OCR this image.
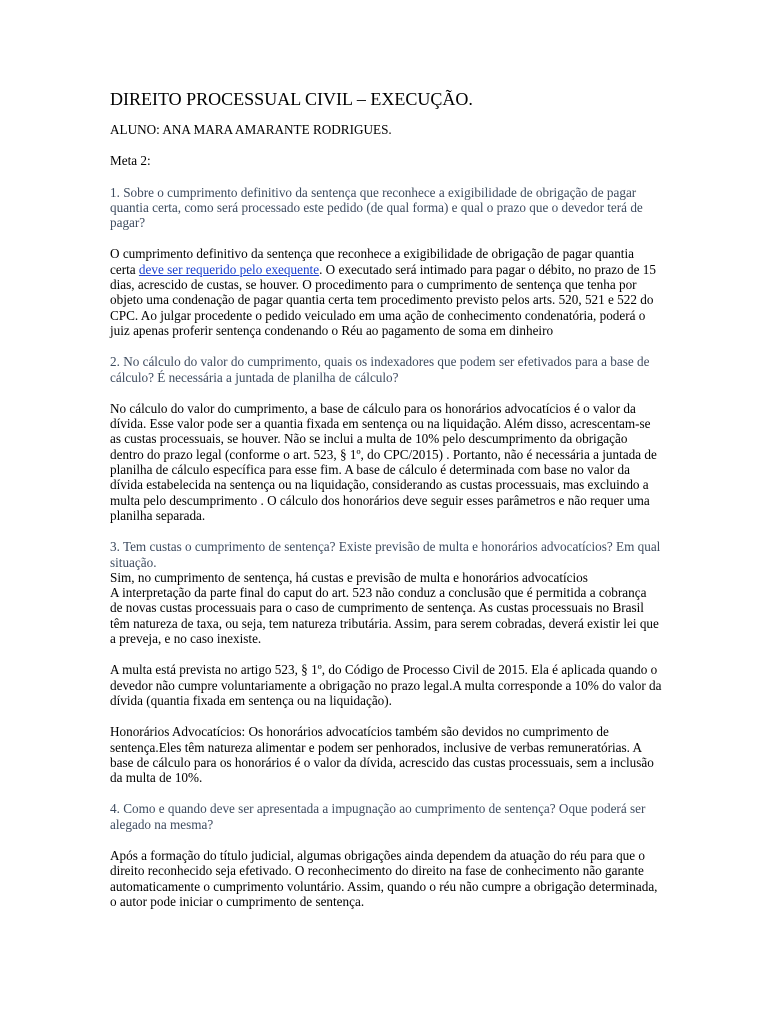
DIREITO PROCESSUAL CIVIL – EXECUÇÃO.

ALUNO: ANA MARA AMARANTE RODRIGUES.

Meta 2:

1. Sobre o cumprimento definitivo da sentença que reconhece a exigibilidade de obrigação de pagar quantia certa, como será processado este pedido (de qual forma) e qual o prazo que o devedor terá de pagar?

O cumprimento definitivo da sentença que reconhece a exigibilidade de obrigação de pagar quantia certa deve ser requerido pelo exequente. O executado será intimado para pagar o débito, no prazo de 15 dias, acrescido de custas, se houver. O procedimento para o cumprimento de sentença que tenha por objeto uma condenação de pagar quantia certa tem procedimento previsto pelos arts. 520, 521 e 522 do CPC. Ao julgar procedente o pedido veiculado em uma ação de conhecimento condenatória, poderá o juiz apenas proferir sentença condenando o Réu ao pagamento de soma em dinheiro

2. No cálculo do valor do cumprimento, quais os indexadores que podem ser efetivados para a base de cálculo? É necessária a juntada de planilha de cálculo?

No cálculo do valor do cumprimento, a base de cálculo para os honorários advocatícios é o valor da dívida. Esse valor pode ser a quantia fixada em sentença ou na liquidação. Além disso, acrescentam-se as custas processuais, se houver. Não se inclui a multa de 10% pelo descumprimento da obrigação dentro do prazo legal (conforme o art. 523, § 1º, do CPC/2015) . Portanto, não é necessária a juntada de planilha de cálculo específica para esse fim. A base de cálculo é determinada com base no valor da dívida estabelecida na sentença ou na liquidação, considerando as custas processuais, mas excluindo a multa pelo descumprimento . O cálculo dos honorários deve seguir esses parâmetros e não requer uma planilha separada.

3. Tem custas o cumprimento de sentença? Existe previsão de multa e honorários advocatícios? Em qual situação.

Sim, no cumprimento de sentença, há custas e previsão de multa e honorários advocatícios

A interpretação da parte final do caput do art. 523 não conduz a conclusão que é permitida a cobrança de novas custas processuais para o caso de cumprimento de sentença. As custas processuais no Brasil têm natureza de taxa, ou seja, tem natureza tributária. Assim, para serem cobradas, deverá existir lei que a preveja, e no caso inexiste.

A multa está prevista no artigo 523, § 1º, do Código de Processo Civil de 2015. Ela é aplicada quando o devedor não cumpre voluntariamente a obrigação no prazo legal.A multa corresponde a 10% do valor da dívida (quantia fixada em sentença ou na liquidação).

Honorários Advocatícios: Os honorários advocatícios também são devidos no cumprimento de sentença.Eles têm natureza alimentar e podem ser penhorados, inclusive de verbas remuneratórias. A base de cálculo para os honorários é o valor da dívida, acrescido das custas processuais, sem a inclusão da multa de 10%.

4. Como e quando deve ser apresentada a impugnação ao cumprimento de sentença? Oque poderá ser alegado na mesma?

Após a formação do título judicial, algumas obrigações ainda dependem da atuação do réu para que o direito reconhecido seja efetivado. O reconhecimento do direito na fase de conhecimento não garante automaticamente o cumprimento voluntário. Assim, quando o réu não cumpre a obrigação determinada, o autor pode iniciar o cumprimento de sentença.
